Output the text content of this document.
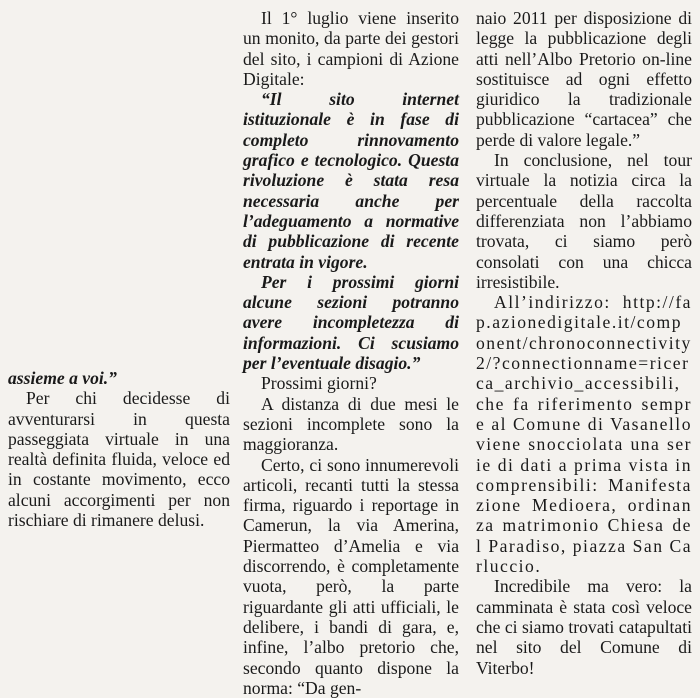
assieme a voi.”

Per chi decidesse di avventurarsi in questa passeggiata virtuale in una realtà definita fluida, veloce ed in costante movimento, ecco alcuni accorgimenti per non rischiare di rimanere delusi.

Il 1° luglio viene inserito un monito, da parte dei gestori del sito, i campioni di Azione Digitale:

“Il sito internet istituzionale è in fase di completo rinnovamento grafico e tecnologico. Questa rivoluzione è stata resa necessaria anche per l’adeguamento a normative di pubblicazione di recente entrata in vigore.

Per i prossimi giorni alcune sezioni potranno avere incompletezza di informazioni. Ci scusiamo per l’eventuale disagio.”

Prossimi giorni?

A distanza di due mesi le sezioni incomplete sono la maggioranza.

Certo, ci sono innumerevoli articoli, recanti tutti la stessa firma, riguardo i reportage in Camerun, la via Amerina, Piermatteo d’Amelia e via discorrendo, è completamente vuota, però, la parte riguardante gli atti ufficiali, le delibere, i bandi di gara, e, infine, l’albo pretorio che, secondo quanto dispone la norma: “Da gen-

naio 2011 per disposizione di legge la pubblicazione degli atti nell’Albo Pretorio on-line sostituisce ad ogni effetto giuridico la tradizionale pubblicazione “cartacea” che perde di valore legale.”

In conclusione, nel tour virtuale la notizia circa la percentuale della raccolta differenziata non l’abbiamo trovata, ci siamo però consolati con una chicca irresistibile.

All’indirizzo: http://fap.azionedigitale.it/component/chronoconnectivity2/?connectionname=ricerca_archivio_accessibili, che fa riferimento sempre al Comune di Vasanello viene snocciolata una serie di dati a prima vista incomprensibili: Manifestazione Medioera, ordinanza matrimonio Chiesa del Paradiso, piazza San Carluccio.

Incredibile ma vero: la camminata è stata così veloce che ci siamo trovati catapultati nel sito del Comune di Viterbo!
